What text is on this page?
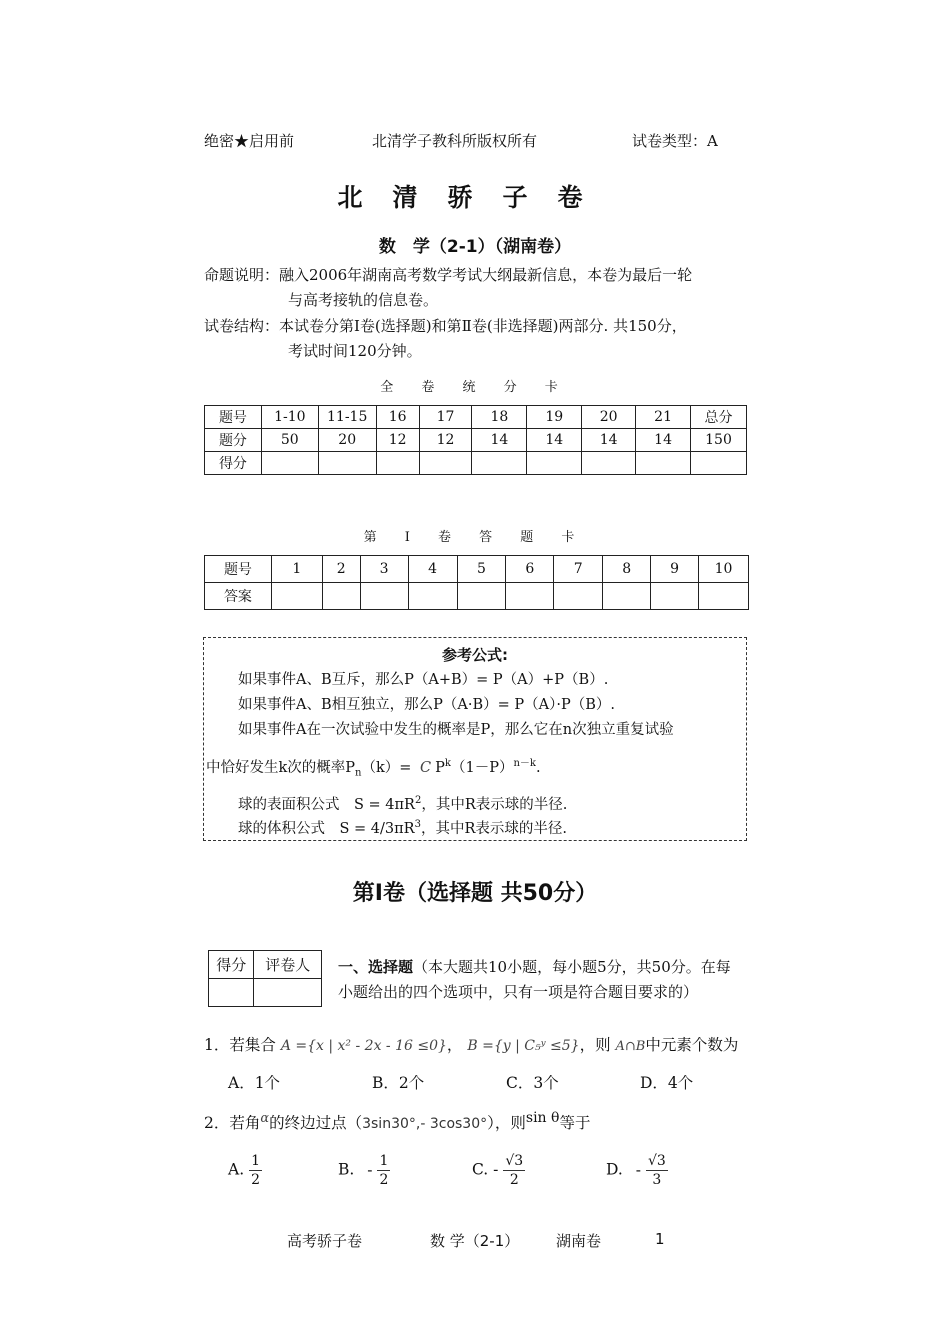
绝密★启用前	北清学子教科所版权所有	试卷类型：A
北清骄子卷
数　学（2-1）（湖南卷）
命题说明：融入2006年湖南高考数学考试大纲最新信息，本卷为最后一轮
与高考接轨的信息卷。
试卷结构：本试卷分第Ⅰ卷(选择题)和第Ⅱ卷(非选择题)两部分. 共150分，
考试时间120分钟。
全 卷 统 分 卡
题号	1-10	11-15	16	17	18	19	20	21	总分
题分	50	20	12	12	14	14	14	14	150
得分									
第 I 卷 答 题 卡
题号	1	2	3	4	5	6	7	8	9	10
答案										
参考公式:
如果事件A、B互斥，那么P（A+B）= P（A）+P（B）.
如果事件A、B相互独立，那么P（A·B）= P（A）·P（B）.
如果事件A在一次试验中发生的概率是P，那么它在n次独立重复试验
中恰好发生k次的概率$P_n(k)= C$ $P^k(1-P)^{n-k}$.
球的表面积公式　$S = 4\pi R^2$，其中R表示球的半径.
球的体积公式　$S = 4/3\pi R^3$，其中R表示球的半径.
第Ⅰ卷（选择题 共50分）
得分	评卷人
	一、选择题（本大题共10小题，每小题5分，共50分。在每
小题给出的四个选项中，只有一项是符合题目要求的）
1．若集合 A ={x | x² - 2x - 16 ≤0}， B ={y | C₅ʸ ≤5}，则 A∩B中元素个数为
A．1个	B．2个	C．3个	D．4个
2．若角$^\alpha$的终边过点（3sin30°,- 3cos30°），则$^{sin \theta}$等于
A. $\frac{1}{2}$	B. - $\frac{1}{2}$	C. - $\frac{√3}{2}$	D. - $\frac{√3}{3}$
高考骄子卷	数 学（2-1） 湖南卷	1
